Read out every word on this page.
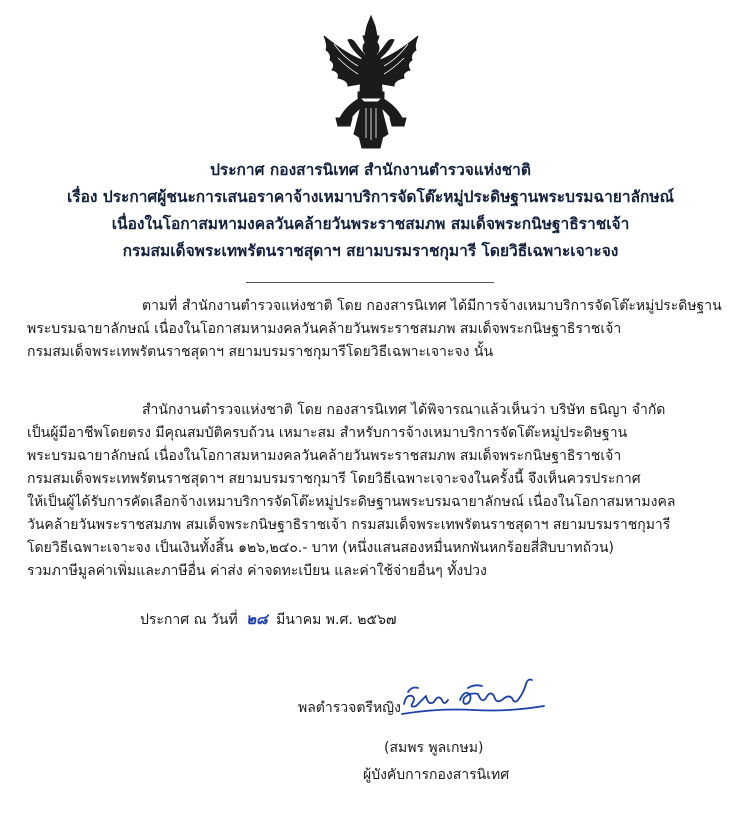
ประกาศ กองสารนิเทศ สำนักงานตำรวจแห่งชาติ
เรื่อง ประกาศผู้ชนะการเสนอราคาจ้างเหมาบริการจัดโต๊ะหมู่ประดิษฐานพระบรมฉายาลักษณ์
เนื่องในโอกาสมหามงคลวันคล้ายวันพระราชสมภพ สมเด็จพระกนิษฐาธิราชเจ้า
กรมสมเด็จพระเทพรัตนราชสุดาฯ สยามบรมราชกุมารี โดยวิธีเฉพาะเจาะจง
ตามที่ สำนักงานตำรวจแห่งชาติ โดย กองสารนิเทศ ได้มีการจ้างเหมาบริการจัดโต๊ะหมู่ประดิษฐาน
พระบรมฉายาลักษณ์ เนื่องในโอกาสมหามงคลวันคล้ายวันพระราชสมภพ สมเด็จพระกนิษฐาธิราชเจ้า
กรมสมเด็จพระเทพรัตนราชสุดาฯ สยามบรมราชกุมารีโดยวิธีเฉพาะเจาะจง นั้น
สำนักงานตำรวจแห่งชาติ โดย กองสารนิเทศ ได้พิจารณาแล้วเห็นว่า บริษัท ธนิญา จำกัด
เป็นผู้มีอาชีพโดยตรง มีคุณสมบัติครบถ้วน เหมาะสม สำหรับการจ้างเหมาบริการจัดโต๊ะหมู่ประดิษฐาน
พระบรมฉายาลักษณ์ เนื่องในโอกาสมหามงคลวันคล้ายวันพระราชสมภพ สมเด็จพระกนิษฐาธิราชเจ้า
กรมสมเด็จพระเทพรัตนราชสุดาฯ สยามบรมราชกุมารี โดยวิธีเฉพาะเจาะจงในครั้งนี้ จึงเห็นควรประกาศ
ให้เป็นผู้ได้รับการคัดเลือกจ้างเหมาบริการจัดโต๊ะหมู่ประดิษฐานพระบรมฉายาลักษณ์ เนื่องในโอกาสมหามงคล
วันคล้ายวันพระราชสมภพ สมเด็จพระกนิษฐาธิราชเจ้า กรมสมเด็จพระเทพรัตนราชสุดาฯ สยามบรมราชกุมารี
โดยวิธีเฉพาะเจาะจง เป็นเงินทั้งสิ้น ๑๒๖,๒๔๐.- บาท (หนึ่งแสนสองหมื่นหกพันหกร้อยสี่สิบบาทถ้วน)
รวมภาษีมูลค่าเพิ่มและภาษีอื่น ค่าส่ง ค่าจดทะเบียน และค่าใช้จ่ายอื่นๆ ทั้งปวง
ประกาศ ณ วันที่ ๒๘ มีนาคม พ.ศ. ๒๕๖๗
พลตำรวจตรีหญิง
(สมพร พูลเกษม)
ผู้บังคับการกองสารนิเทศ
